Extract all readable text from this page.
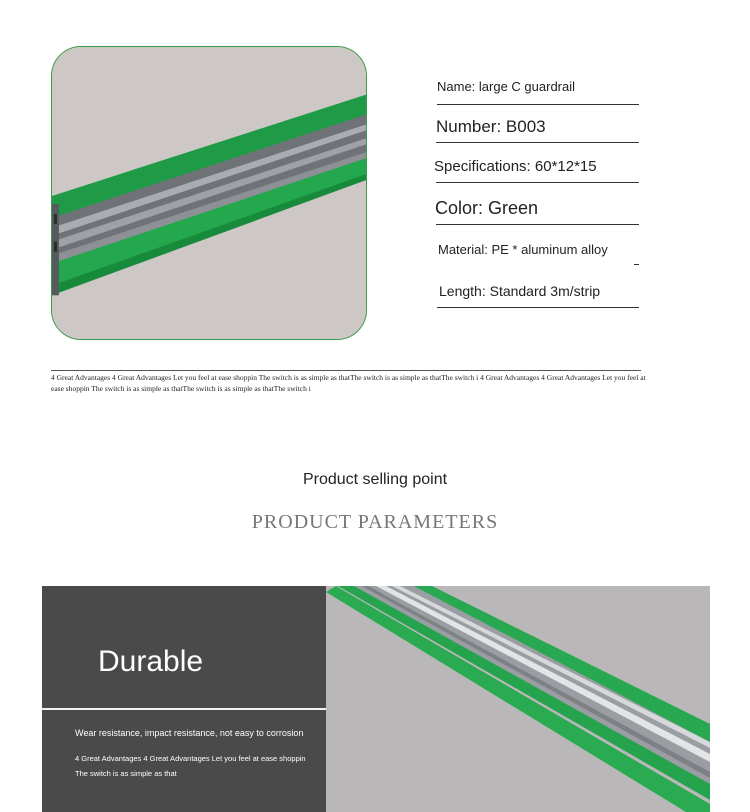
Name: large C guardrail
Number: B003
Specifications: 60*12*15
Color: Green
Material: PE * aluminum alloy
Length: Standard 3m/strip
4 Great Advantages 4 Great Advantages Let you feel at ease shoppin The switch is as simple as thatThe switch is as simple as thatThe switch i 4 Great Advantages 4 Great Advantages Let you feel at ease shoppin The switch is as simple as thatThe switch is as simple as thatThe switch i
Product selling point
PRODUCT PARAMETERS
Durable
Wear resistance, impact resistance, not easy to corrosion
4 Great Advantages 4 Great Advantages Let you feel at ease shoppin
The switch is as simple as that
